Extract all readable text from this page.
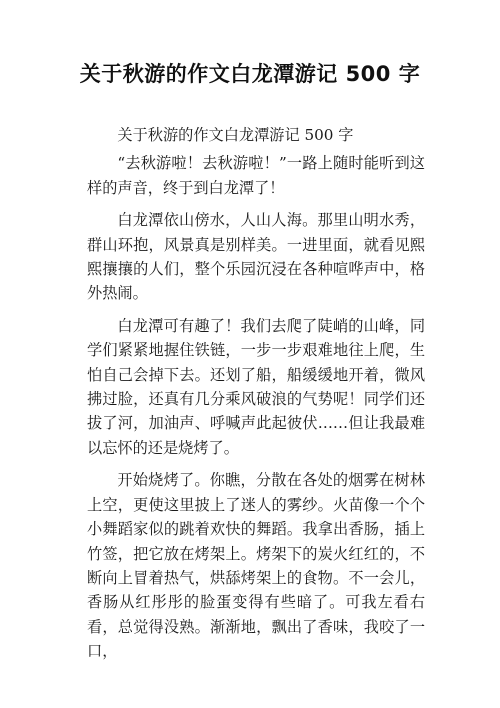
关于秋游的作文白龙潭游记 500 字

关于秋游的作文白龙潭游记 500 字

“去秋游啦！去秋游啦！”一路上随时能听到这样的声音，终于到白龙潭了！

白龙潭依山傍水，人山人海。那里山明水秀，群山环抱，风景真是别样美。一进里面，就看见熙熙攘攘的人们，整个乐园沉浸在各种喧哗声中，格外热闹。

白龙潭可有趣了！我们去爬了陡峭的山峰，同学们紧紧地握住铁链，一步一步艰难地往上爬，生怕自己会掉下去。还划了船，船缓缓地开着，微风拂过脸，还真有几分乘风破浪的气势呢！同学们还拔了河，加油声、呼喊声此起彼伏……但让我最难以忘怀的还是烧烤了。

开始烧烤了。你瞧，分散在各处的烟雾在树林上空，更使这里披上了迷人的雾纱。火苗像一个个小舞蹈家似的跳着欢快的舞蹈。我拿出香肠，插上竹签，把它放在烤架上。烤架下的炭火红红的，不断向上冒着热气，烘舔烤架上的食物。不一会儿，香肠从红彤彤的脸蛋变得有些暗了。可我左看右看，总觉得没熟。渐渐地，飘出了香味，我咬了一口，
